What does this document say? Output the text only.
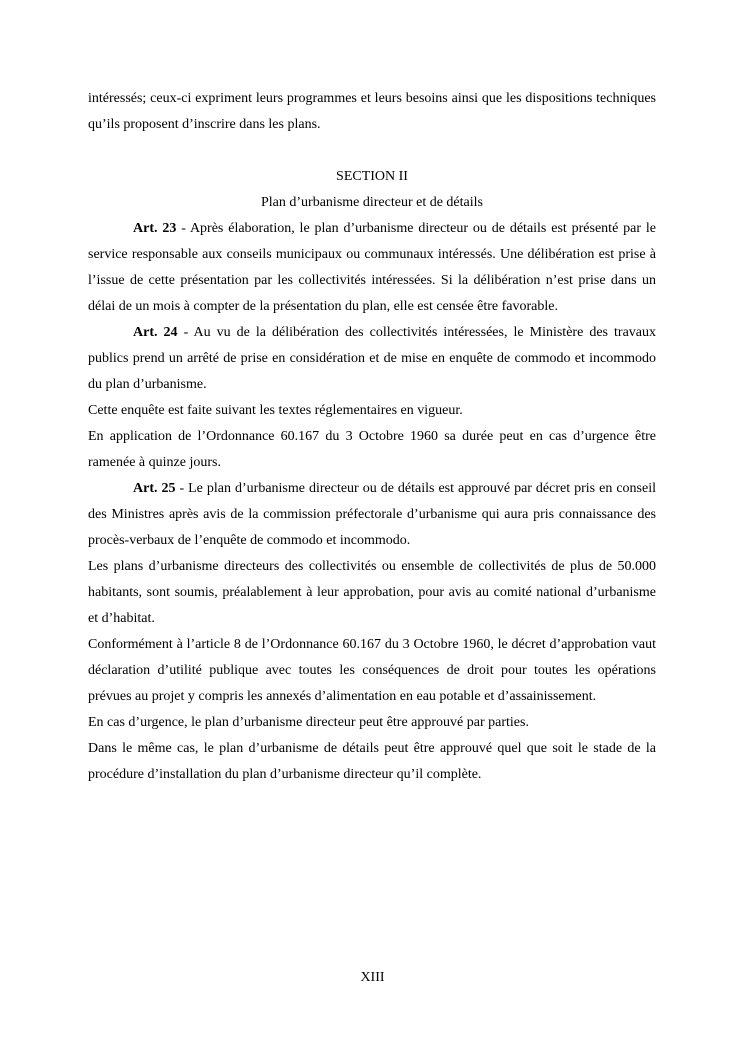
intéressés; ceux-ci expriment leurs programmes et leurs besoins ainsi que les dispositions techniques qu’ils proposent d’inscrire dans les plans.

SECTION II

Plan d’urbanisme directeur et de détails

Art. 23 - Après élaboration, le plan d’urbanisme directeur ou de détails est présenté par le service responsable aux conseils municipaux ou communaux intéressés. Une délibération est prise à l’issue de cette présentation par les collectivités intéressées. Si la délibération n’est prise dans un délai de un mois à compter de la présentation du plan, elle est censée être favorable.

Art. 24 - Au vu de la délibération des collectivités intéressées, le Ministère des travaux publics prend un arrêté de prise en considération et de mise en enquête de commodo et incommodo du plan d’urbanisme.

Cette enquête est faite suivant les textes réglementaires en vigueur.

En application de l’Ordonnance 60.167 du 3 Octobre 1960 sa durée peut en cas d’urgence être ramenée à quinze jours.

Art. 25 - Le plan d’urbanisme directeur ou de détails est approuvé par décret pris en conseil des Ministres après avis de la commission préfectorale d’urbanisme qui aura pris connaissance des procès-verbaux de l’enquête de commodo et incommodo.

Les plans d’urbanisme directeurs des collectivités ou ensemble de collectivités de plus de 50.000 habitants, sont soumis, préalablement à leur approbation, pour avis au comité national d’urbanisme et d’habitat.

Conformément à l’article 8 de l’Ordonnance 60.167 du 3 Octobre 1960, le décret d’approbation vaut déclaration d’utilité publique avec toutes les conséquences de droit pour toutes les opérations prévues au projet y compris les annexés d’alimentation en eau potable et d’assainissement.

En cas d’urgence, le plan d’urbanisme directeur peut être approuvé par parties.

Dans le même cas, le plan d’urbanisme de détails peut être approuvé quel que soit le stade de la procédure d’installation du plan d’urbanisme directeur qu’il complète.

XIII
